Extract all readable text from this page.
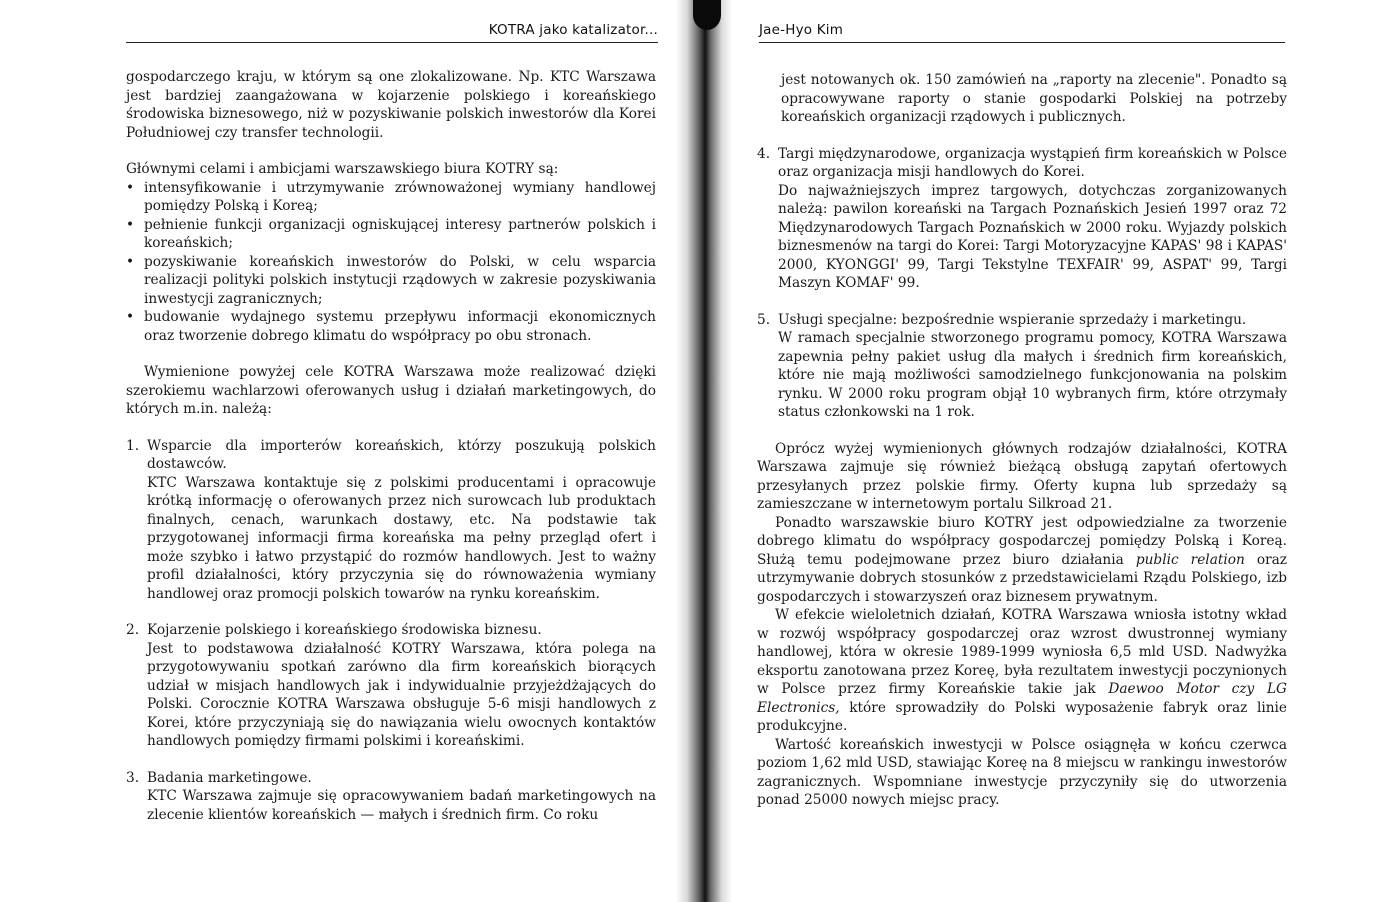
KOTRA jako katalizator...

gospodarczego kraju, w którym są one zlokalizowane. Np. KTC Warszawa jest bardziej zaangażowana w kojarzenie polskiego i koreańskiego środowiska biznesowego, niż w pozyskiwanie polskich inwestorów dla Korei Południowej czy transfer technologii.

Głównymi celami i ambicjami warszawskiego biura KOTRY są:

• intensyfikowanie i utrzymywanie zrównoważonej wymiany handlowej pomiędzy Polską i Koreą;
• pełnienie funkcji organizacji ogniskującej interesy partnerów polskich i koreańskich;
• pozyskiwanie koreańskich inwestorów do Polski, w celu wsparcia realizacji polityki polskich instytucji rządowych w zakresie pozyskiwania inwestycji zagranicznych;
• budowanie wydajnego systemu przepływu informacji ekonomicznych oraz tworzenie dobrego klimatu do współpracy po obu stronach.

Wymienione powyżej cele KOTRA Warszawa może realizować dzięki szerokiemu wachlarzowi oferowanych usług i działań marketingowych, do których m.in. należą:

1. Wsparcie dla importerów koreańskich, którzy poszukują polskich dostawców.
KTC Warszawa kontaktuje się z polskimi producentami i opracowuje krótką informację o oferowanych przez nich surowcach lub produktach finalnych, cenach, warunkach dostawy, etc. Na podstawie tak przygotowanej informacji firma koreańska ma pełny przegląd ofert i może szybko i łatwo przystąpić do rozmów handlowych. Jest to ważny profil działalności, który przyczynia się do równoważenia wymiany handlowej oraz promocji polskich towarów na rynku koreańskim.
2. Kojarzenie polskiego i koreańskiego środowiska biznesu.
Jest to podstawowa działalność KOTRY Warszawa, która polega na przygotowywaniu spotkań zarówno dla firm koreańskich biorących udział w misjach handlowych jak i indywidualnie przyjeżdżających do Polski. Corocznie KOTRA Warszawa obsługuje 5-6 misji handlowych z Korei, które przyczyniają się do nawiązania wielu owocnych kontaktów handlowych pomiędzy firmami polskimi i koreańskimi.
3. Badania marketingowe.
KTC Warszawa zajmuje się opracowywaniem badań marketingowych na zlecenie klientów koreańskich — małych i średnich firm. Co roku
Jae-Hyo Kim

jest notowanych ok. 150 zamówień na „raporty na zlecenie". Ponadto są opracowywane raporty o stanie gospodarki Polskiej na potrzeby koreańskich organizacji rządowych i publicznych.

4. Targi międzynarodowe, organizacja wystąpień firm koreańskich w Polsce oraz organizacja misji handlowych do Korei.
Do najważniejszych imprez targowych, dotychczas zorganizowanych należą: pawilon koreański na Targach Poznańskich Jesień 1997 oraz 72 Międzynarodowych Targach Poznańskich w 2000 roku. Wyjazdy polskich biznesmenów na targi do Korei: Targi Motoryzacyjne KAPAS' 98 i KAPAS' 2000, KYONGGI' 99, Targi Tekstylne TEXFAIR' 99, ASPAT' 99, Targi Maszyn KOMAF' 99.
5. Usługi specjalne: bezpośrednie wspieranie sprzedaży i marketingu.
W ramach specjalnie stworzonego programu pomocy, KOTRA Warszawa zapewnia pełny pakiet usług dla małych i średnich firm koreańskich, które nie mają możliwości samodzielnego funkcjonowania na polskim rynku. W 2000 roku program objął 10 wybranych firm, które otrzymały status członkowski na 1 rok.

Oprócz wyżej wymienionych głównych rodzajów działalności, KOTRA Warszawa zajmuje się również bieżącą obsługą zapytań ofertowych przesyłanych przez polskie firmy. Oferty kupna lub sprzedaży są zamieszczane w internetowym portalu Silkroad 21.

Ponadto warszawskie biuro KOTRY jest odpowiedzialne za tworzenie dobrego klimatu do współpracy gospodarczej pomiędzy Polską i Koreą. Służą temu podejmowane przez biuro działania public relation oraz utrzymywanie dobrych stosunków z przedstawicielami Rządu Polskiego, izb gospodarczych i stowarzyszeń oraz biznesem prywatnym.

W efekcie wieloletnich działań, KOTRA Warszawa wniosła istotny wkład w rozwój współpracy gospodarczej oraz wzrost dwustronnej wymiany handlowej, która w okresie 1989-1999 wyniosła 6,5 mld USD. Nadwyżka eksportu zanotowana przez Koreę, była rezultatem inwestycji poczynionych w Polsce przez firmy Koreańskie takie jak Daewoo Motor czy LG Electronics, które sprowadziły do Polski wyposażenie fabryk oraz linie produkcyjne.

Wartość koreańskich inwestycji w Polsce osiągnęła w końcu czerwca poziom 1,62 mld USD, stawiając Koreę na 8 miejscu w rankingu inwestorów zagranicznych. Wspomniane inwestycje przyczyniły się do utworzenia ponad 25000 nowych miejsc pracy.
